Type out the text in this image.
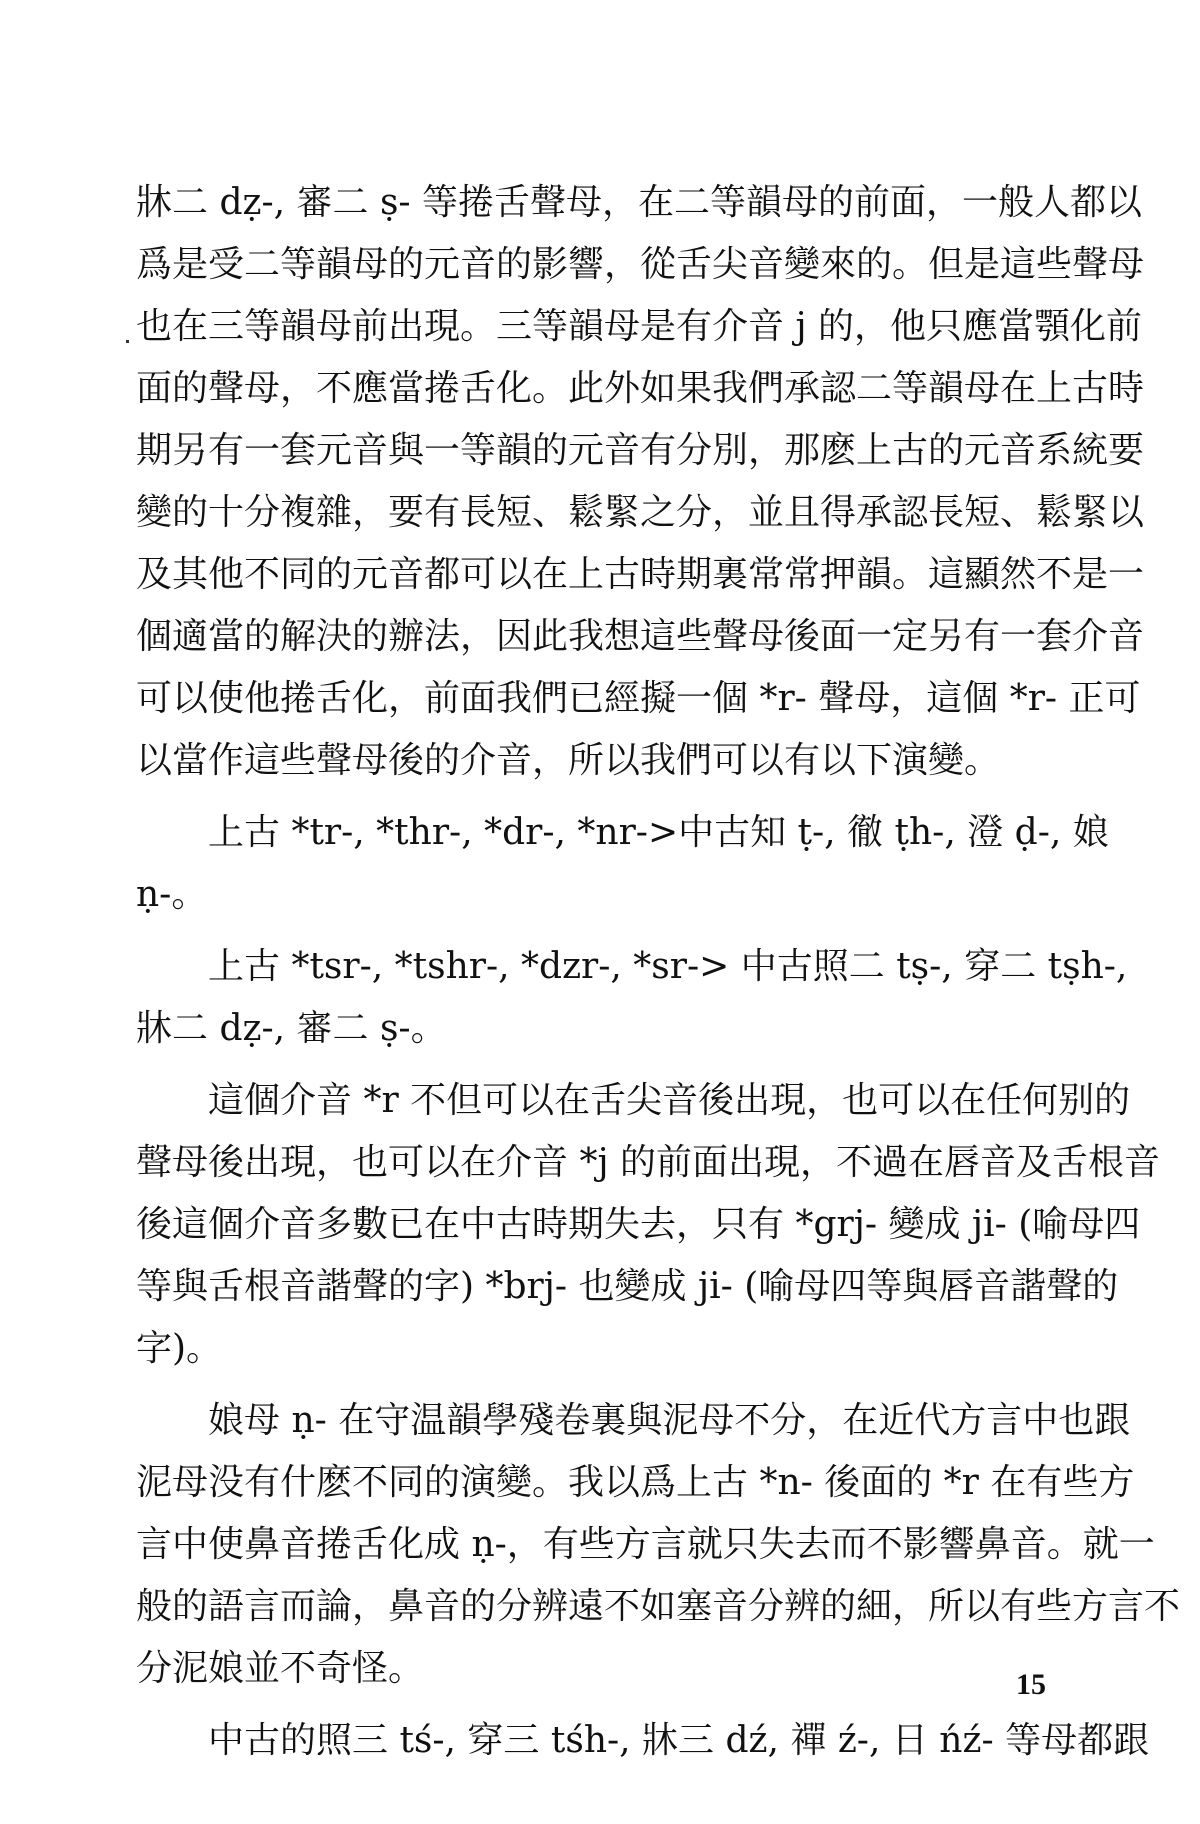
牀二 dẓ-, 審二 ṣ- 等捲舌聲母，在二等韻母的前面，一般人都以
爲是受二等韻母的元音的影響，從舌尖音變來的。但是這些聲母
也在三等韻母前出現。三等韻母是有介音 j 的，他只應當顎化前
面的聲母，不應當捲舌化。此外如果我們承認二等韻母在上古時
期另有一套元音與一等韻的元音有分別，那麽上古的元音系統要
變的十分複雜，要有長短、鬆緊之分，並且得承認長短、鬆緊以
及其他不同的元音都可以在上古時期裏常常押韻。這顯然不是一
個適當的解決的辦法，因此我想這些聲母後面一定另有一套介音
可以使他捲舌化，前面我們已經擬一個 *r- 聲母，這個 *r- 正可
以當作這些聲母後的介音，所以我們可以有以下演變。
上古 *tr-, *thr-, *dr-, *nr->中古知 ṭ-, 徹 ṭh-, 澄 ḍ-, 娘
ṇ-。
上古 *tsr-, *tshr-, *dzr-, *sr-> 中古照二 tṣ-, 穿二 tṣh-,
牀二 dẓ-, 審二 ṣ-。
這個介音 *r 不但可以在舌尖音後出現，也可以在任何别的
聲母後出現，也可以在介音 *j 的前面出現，不過在唇音及舌根音
後這個介音多數已在中古時期失去，只有 *grj- 變成 ji- (喻母四
等與舌根音諧聲的字) *brj- 也變成 ji- (喻母四等與唇音諧聲的
字)。
娘母 ṇ- 在守温韻學殘卷裏與泥母不分，在近代方言中也跟
泥母没有什麽不同的演變。我以爲上古 *n- 後面的 *r 在有些方
言中使鼻音捲舌化成 ṇ-，有些方言就只失去而不影響鼻音。就一
般的語言而論，鼻音的分辨遠不如塞音分辨的細，所以有些方言不
分泥娘並不奇怪。
中古的照三 tś-, 穿三 tśh-, 牀三 dź, 禪 ź-, 日 ńź- 等母都跟
15
